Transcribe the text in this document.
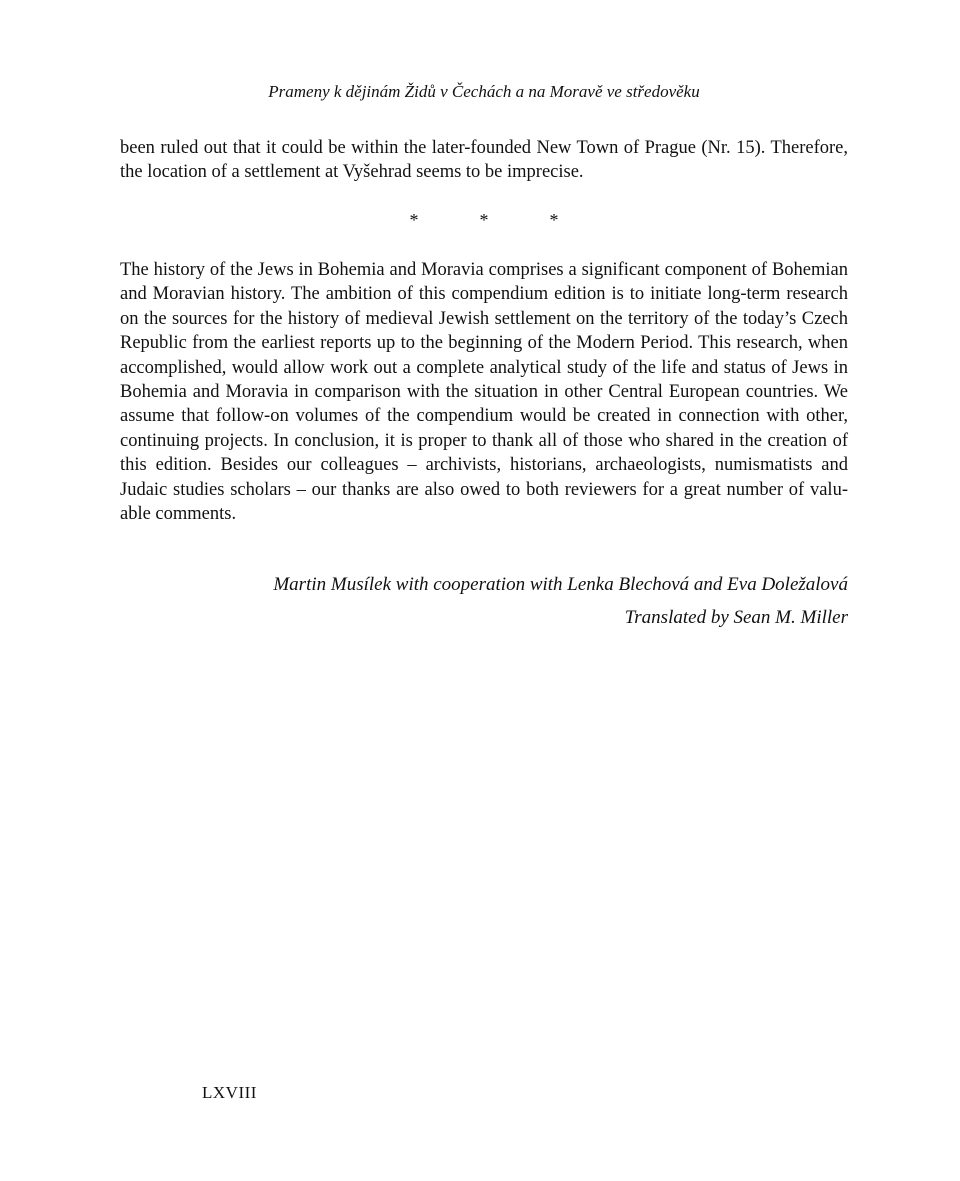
Prameny k dějinám Židů v Čechách a na Moravě ve středověku

been ruled out that it could be within the later-founded New Town of Prague (Nr. 15). Therefore, the location of a settlement at Vyšehrad seems to be imprecise.

*	*	*

The history of the Jews in Bohemia and Moravia comprises a significant component of Bohemian and Moravian history. The ambition of this compendium edition is to initiate long-term research on the sources for the history of medieval Jewish settlement on the territory of the today’s Czech Republic from the earliest reports up to the beginning of the Modern Period. This research, when accomplished, would allow work out a complete analytical study of the life and status of Jews in Bohemia and Moravia in comparison with the situation in other Central European countries. We assume that follow-on volumes of the compendium would be created in connection with other, continuing projects. In conclusion, it is proper to thank all of those who shared in the creation of this edition. Besides our colleagues – archivists, historians, archaeologists, numismatists and Judaic studies scholars – our thanks are also owed to both reviewers for a great number of valuable comments.

Martin Musílek with cooperation with Lenka Blechová and Eva Doležalová
Translated by Sean M. Miller
LXVIII
